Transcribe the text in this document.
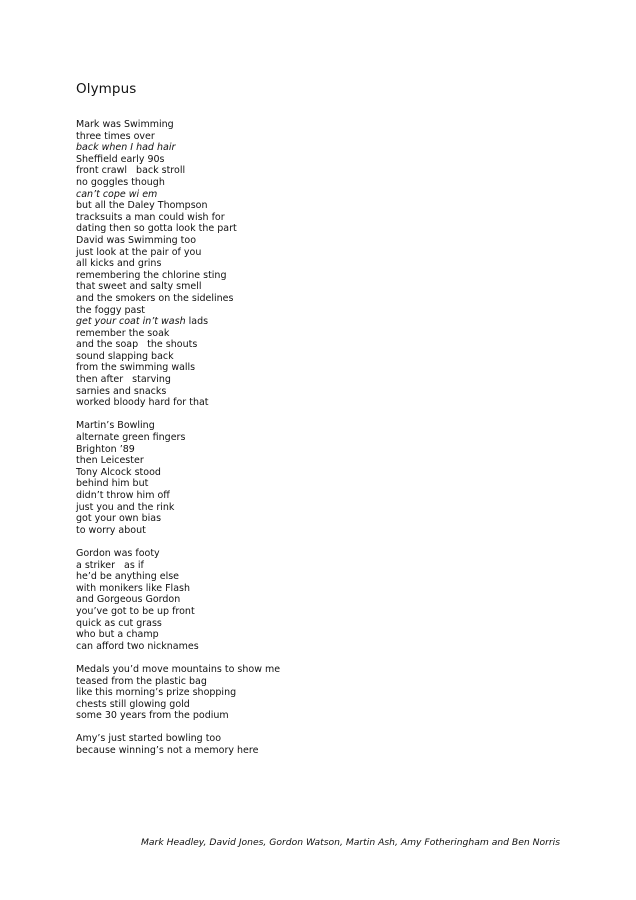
Olympus
Mark was Swimming
three times over
back when I had hair
Sheffield early 90s
front crawl   back stroll
no goggles though
can’t cope wi em
but all the Daley Thompson
tracksuits a man could wish for
dating then so gotta look the part
David was Swimming too
just look at the pair of you
all kicks and grins
remembering the chlorine sting
that sweet and salty smell
and the smokers on the sidelines
the foggy past
get your coat in’t wash lads
remember the soak
and the soap   the shouts
sound slapping back
from the swimming walls
then after   starving
sarnies and snacks
worked bloody hard for that
Martin’s Bowling
alternate green fingers
Brighton ’89
then Leicester
Tony Alcock stood
behind him but
didn’t throw him off
just you and the rink
got your own bias
to worry about
Gordon was footy
a striker   as if
he’d be anything else
with monikers like Flash
and Gorgeous Gordon
you’ve got to be up front
quick as cut grass
who but a champ
can afford two nicknames
Medals you’d move mountains to show me
teased from the plastic bag
like this morning’s prize shopping
chests still glowing gold
some 30 years from the podium
Amy’s just started bowling too
because winning’s not a memory here
Mark Headley, David Jones, Gordon Watson, Martin Ash, Amy Fotheringham and Ben Norris
